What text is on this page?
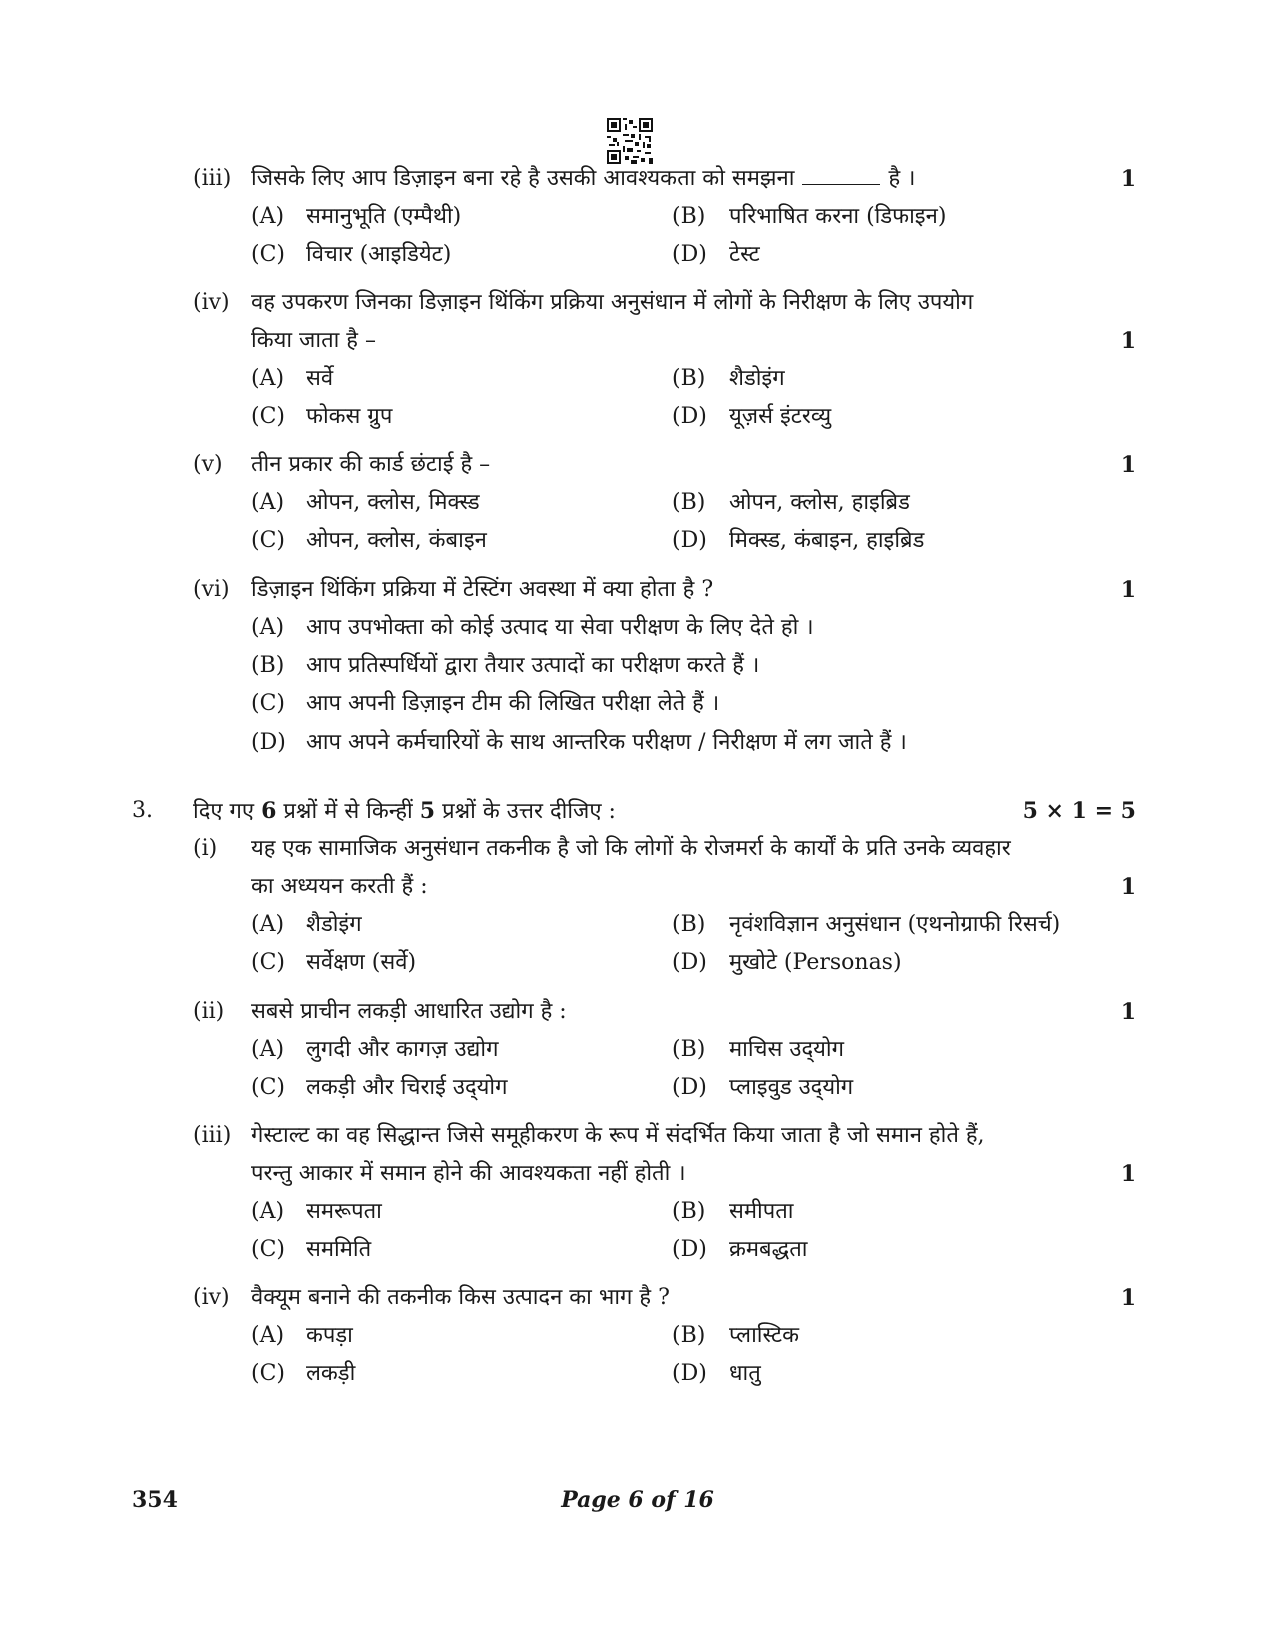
(iii) जिसके लिए आप डिज़ाइन बना रहे है उसकी आवश्यकता को समझना	है ।	1
(A) समानुभूति (एम्पैथी)	(B) परिभाषित करना (डिफाइन)
(C) विचार (आइडियेट)	(D) टेस्ट
(iv) वह उपकरण जिनका डिज़ाइन थिंकिंग प्रक्रिया अनुसंधान में लोगों के निरीक्षण के लिए उपयोग
किया जाता है –	1
(A) सर्वे	(B) शैडोइंग
(C) फोकस ग्रुप	(D) यूज़र्स इंटरव्यु
(v) तीन प्रकार की कार्ड छंटाई है –	1
(A) ओपन, क्लोस, मिक्स्ड	(B) ओपन, क्लोस, हाइब्रिड
(C) ओपन, क्लोस, कंबाइन	(D) मिक्स्ड, कंबाइन, हाइब्रिड
(vi) डिज़ाइन थिंकिंग प्रक्रिया में टेस्टिंग अवस्था में क्या होता है ?	1
(A) आप उपभोक्ता को कोई उत्पाद या सेवा परीक्षण के लिए देते हो ।
(B) आप प्रतिस्पर्धियों द्वारा तैयार उत्पादों का परीक्षण करते हैं ।
(C) आप अपनी डिज़ाइन टीम की लिखित परीक्षा लेते हैं ।
(D) आप अपने कर्मचारियों के साथ आन्तरिक परीक्षण / निरीक्षण में लग जाते हैं ।
3. दिए गए 6 प्रश्नों में से किन्हीं 5 प्रश्नों के उत्तर दीजिए :	5 × 1 = 5
(i) यह एक सामाजिक अनुसंधान तकनीक है जो कि लोगों के रोजमर्रा के कार्यों के प्रति उनके व्यवहार
का अध्ययन करती हैं :	1
(A) शैडोइंग	(B) नृवंशविज्ञान अनुसंधान (एथनोग्राफी रिसर्च)
(C) सर्वेक्षण (सर्वे)	(D) मुखोटे (Personas)
(ii) सबसे प्राचीन लकड़ी आधारित उद्योग है :	1
(A) लुगदी और कागज़ उद्योग	(B) माचिस उद्‌योग
(C) लकड़ी और चिराई उद्‌योग	(D) प्लाइवुड उद्‌योग
(iii) गेस्टाल्ट का वह सिद्धान्त जिसे समूहीकरण के रूप में संदर्भित किया जाता है जो समान होते हैं,
परन्तु आकार में समान होने की आवश्यकता नहीं होती ।	1
(A) समरूपता	(B) समीपता
(C) सममिति	(D) क्रमबद्धता
(iv) वैक्यूम बनाने की तकनीक किस उत्पादन का भाग है ?	1
(A) कपड़ा	(B) प्लास्टिक
(C) लकड़ी	(D) धातु
354	Page 6 of 16
